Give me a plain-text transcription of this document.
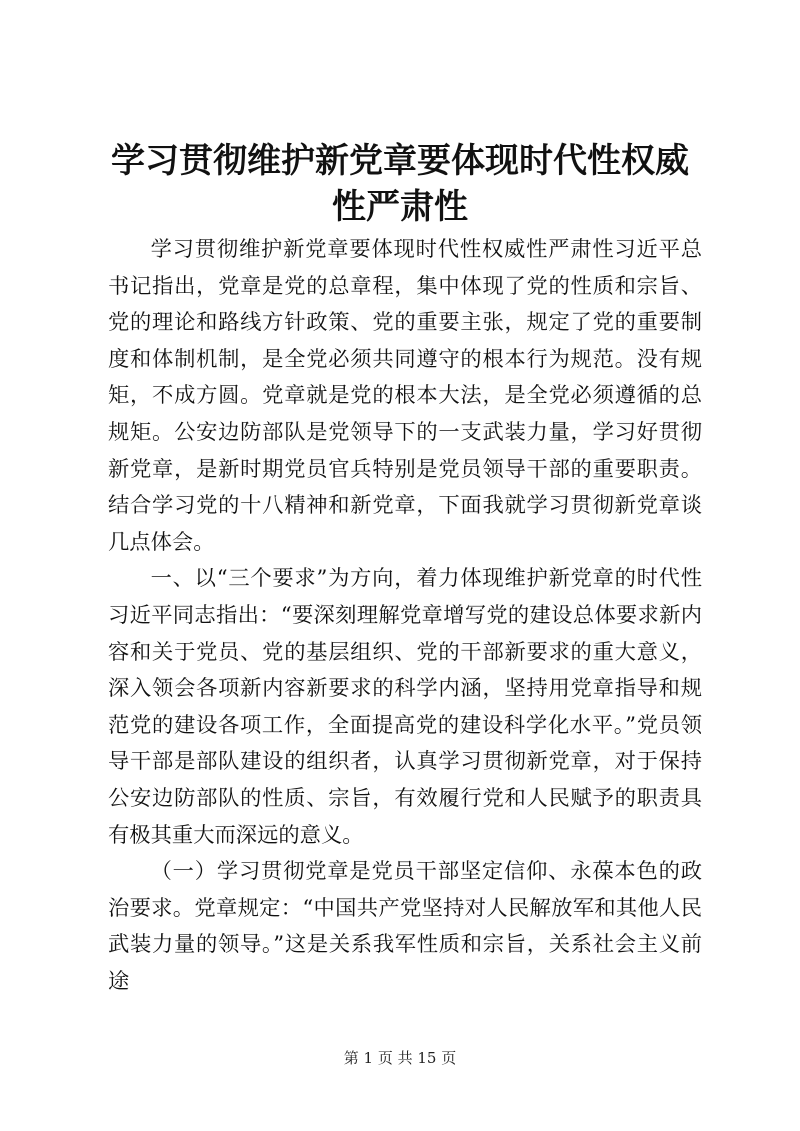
学习贯彻维护新党章要体现时代性权威性严肃性

学习贯彻维护新党章要体现时代性权威性严肃性习近平总书记指出，党章是党的总章程，集中体现了党的性质和宗旨、党的理论和路线方针政策、党的重要主张，规定了党的重要制度和体制机制，是全党必须共同遵守的根本行为规范。没有规矩，不成方圆。党章就是党的根本大法，是全党必须遵循的总规矩。公安边防部队是党领导下的一支武装力量，学习好贯彻新党章，是新时期党员官兵特别是党员领导干部的重要职责。结合学习党的十八精神和新党章，下面我就学习贯彻新党章谈几点体会。

一、以“三个要求”为方向，着力体现维护新党章的时代性习近平同志指出：“要深刻理解党章增写党的建设总体要求新内容和关于党员、党的基层组织、党的干部新要求的重大意义，深入领会各项新内容新要求的科学内涵，坚持用党章指导和规范党的建设各项工作，全面提高党的建设科学化水平。”党员领导干部是部队建设的组织者，认真学习贯彻新党章，对于保持公安边防部队的性质、宗旨，有效履行党和人民赋予的职责具有极其重大而深远的意义。

（一）学习贯彻党章是党员干部坚定信仰、永葆本色的政治要求。党章规定：“中国共产党坚持对人民解放军和其他人民武装力量的领导。”这是关系我军性质和宗旨，关系社会主义前途

第 1 页 共 15 页
